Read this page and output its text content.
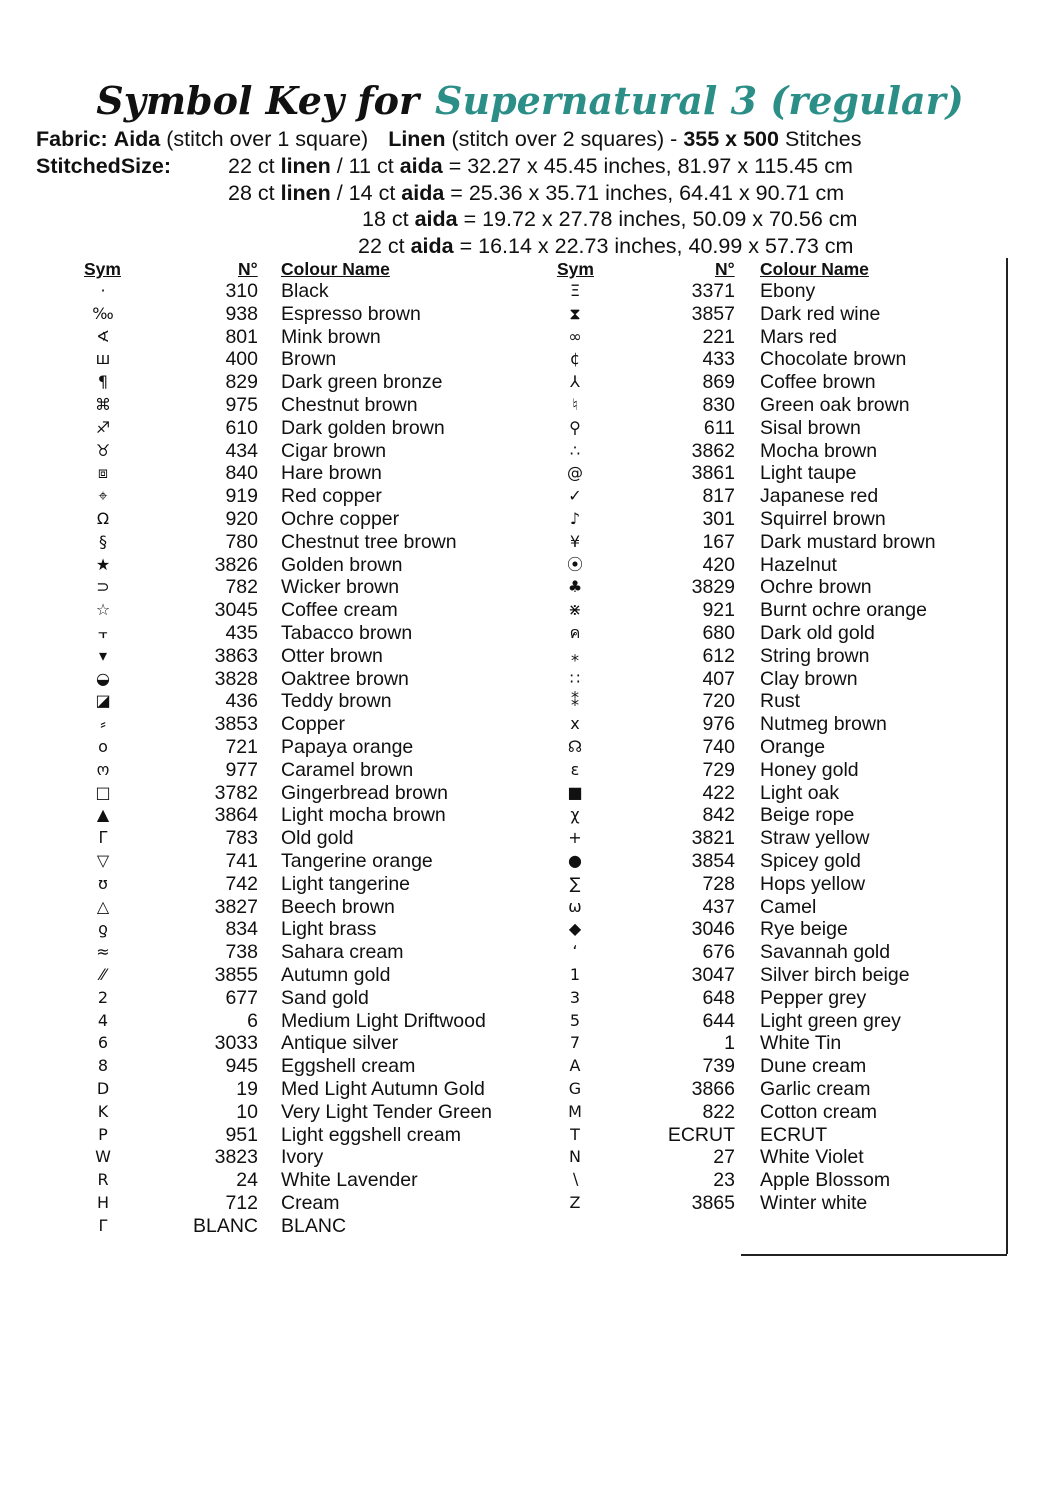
Symbol Key for Supernatural 3 (regular)
Fabric: Aida (stitch over 1 square) Linen (stitch over 2 squares) - 355 x 500 Stitches
StitchedSize:	22 ct linen / 11 ct aida = 32.27 x 45.45 inches, 81.97 x 115.45 cm
28 ct linen / 14 ct aida = 25.36 x 35.71 inches, 64.41 x 90.71 cm
18 ct aida = 19.72 x 27.78 inches, 50.09 x 70.56 cm
22 ct aida = 16.14 x 22.73 inches, 40.99 x 57.73 cm
Sym	N° Colour Name	Sym	N° Colour Name
·	310 Black
‰	938 Espresso brown
∢	801 Mink brown
ш	400 Brown
¶	829 Dark green bronze
⌘	975 Chestnut brown
♐	610 Dark golden brown
♉	434 Cigar brown
⧈	840 Hare brown
⌖	919 Red copper
Ω	920 Ochre copper
§	780 Chestnut tree brown
★	3826 Golden brown
⊃	782 Wicker brown
☆	3045 Coffee cream
⫟	435 Tabacco brown
▾	3863 Otter brown
◒	3828 Oaktree brown
◪	436 Teddy brown
⸗	3853 Copper
o	721 Papaya orange
ო	977 Caramel brown
□	3782 Gingerbread brown
▲	3864 Light mocha brown
ᒥ	783 Old gold
▽	741 Tangerine orange
ʊ	742 Light tangerine
△	3827 Beech brown
ƍ	834 Light brass
≈	738 Sahara cream
⁄⁄	3855 Autumn gold
2	677 Sand gold
4	6 Medium Light Driftwood
6	3033 Antique silver
8	945 Eggshell cream
D	19 Med Light Autumn Gold
K	10 Very Light Tender Green
P	951 Light eggshell cream
W	3823 Ivory
R	24 White Lavender
H	712 Cream
Γ	BLANC BLANC
Ξ	3371 Ebony
⧗	3857 Dark red wine
∞	221 Mars red
¢	433 Chocolate brown
⅄	869 Coffee brown
♮	830 Green oak brown
⚲	611 Sisal brown
∴	3862 Mocha brown
@	3861 Light taupe
✓	817 Japanese red
♪	301 Squirrel brown
¥	167 Dark mustard brown
⦿	420 Hazelnut
♣	3829 Ochre brown
⋇	921 Burnt ochre orange
ค	680 Dark old gold
⁎	612 String brown
∷	407 Clay brown
⁑	720 Rust
x	976 Nutmeg brown
☊	740 Orange
ɛ	729 Honey gold
■	422 Light oak
χ	842 Beige rope
+	3821 Straw yellow
●	3854 Spicey gold
∑	728 Hops yellow
ω	437 Camel
◆	3046 Rye beige
ʻ	676 Savannah gold
1	3047 Silver birch beige
3	648 Pepper grey
5	644 Light green grey
7	1 White Tin
A	739 Dune cream
G	3866 Garlic cream
M	822 Cotton cream
T	ECRUT ECRUT
N	27 White Violet
∖	23 Apple Blossom
Z	3865 Winter white
